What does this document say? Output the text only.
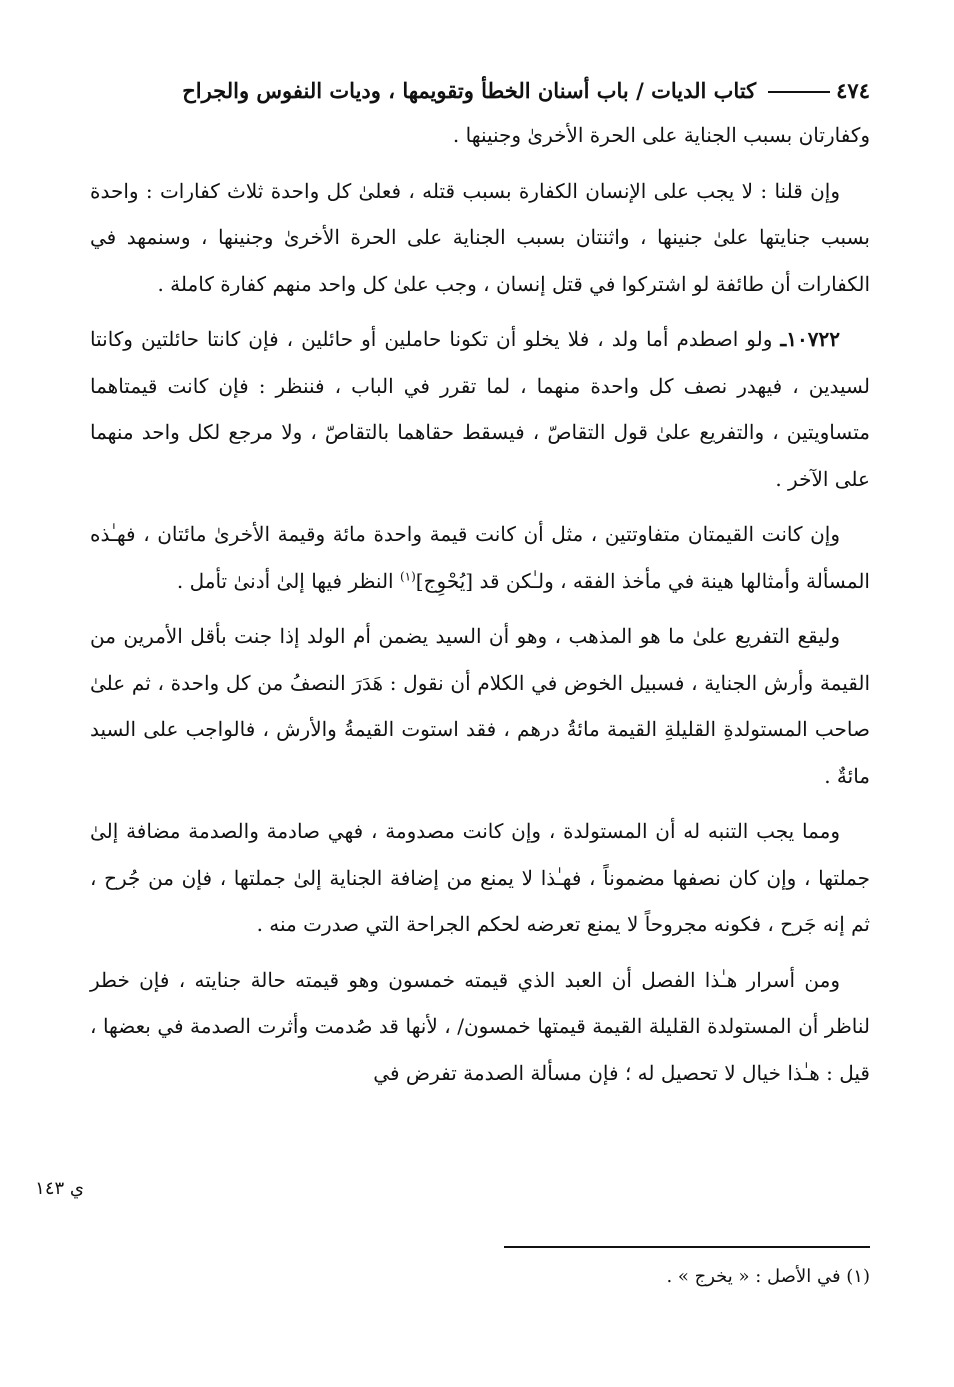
٤٧٤
كتاب الديات / باب أسنان الخطأ وتقويمها ، وديات النفوس والجراح

وكفارتان بسبب الجناية على الحرة الأخرىٰ وجنينها .

وإن قلنا : لا يجب على الإنسان الكفارة بسبب قتله ، فعلىٰ كل واحدة ثلاث كفارات : واحدة بسبب جنايتها علىٰ جنينها ، واثنتان بسبب الجناية على الحرة الأخرىٰ وجنينها ، وسنمهد في الكفارات أن طائفة لو اشتركوا في قتل إنسان ، وجب علىٰ كل واحد منهم كفارة كاملة .

١٠٧٢٢ـ ولو اصطدم أما ولد ، فلا يخلو أن تكونا حاملين أو حائلين ، فإن كانتا حائلتين وكانتا لسيدين ، فيهدر نصف كل واحدة منهما ، لما تقرر في الباب ، فننظر : فإن كانت قيمتاهما متساويتين ، والتفريع علىٰ قول التقاصّ ، فيسقط حقاهما بالتقاصّ ، ولا مرجع لكل واحد منهما على الآخر .

وإن كانت القيمتان متفاوتتين ، مثل أن كانت قيمة واحدة مائة وقيمة الأخرىٰ مائتان ، فهـٰذه المسألة وأمثالها هينة في مأخذ الفقه ، ولـٰكن قد [يُحْوِج]$^{(١)}$ النظر فيها إلىٰ أدنىٰ تأمل .

وليقع التفريع علىٰ ما هو المذهب ، وهو أن السيد يضمن أم الولد إذا جنت بأقل الأمرين من القيمة وأرش الجناية ، فسبيل الخوض في الكلام أن نقول : هَدَرَ النصفُ من كل واحدة ، ثم علىٰ صاحب المستولدةِ القليلةِ القيمة مائةُ درهم ، فقد استوت القيمةُ والأرش ، فالواجب على السيد مائةٌ .

ومما يجب التنبه له أن المستولدة ، وإن كانت مصدومة ، فهي صادمة والصدمة مضافة إلىٰ جملتها ، وإن كان نصفها مضموناً ، فهـٰذا لا يمنع من إضافة الجناية إلىٰ جملتها ، فإن من جُرح ، ثم إنه جَرح ، فكونه مجروحاً لا يمنع تعرضه لحكم الجراحة التي صدرت منه .

ومن أسرار هـٰذا الفصل أن العبد الذي قيمته خمسون وهو قيمته حالة جنايته ، فإن خطر لناظر أن المستولدة القليلة القيمة قيمتها خمسون/ ، لأنها قد صُدمت وأثرت الصدمة في بعضها ، قيل : هـٰذا خيال لا تحصيل له ؛ فإن مسألة الصدمة تفرض في

ي ١٤٣
(١) في الأصل : « يخرج » .
